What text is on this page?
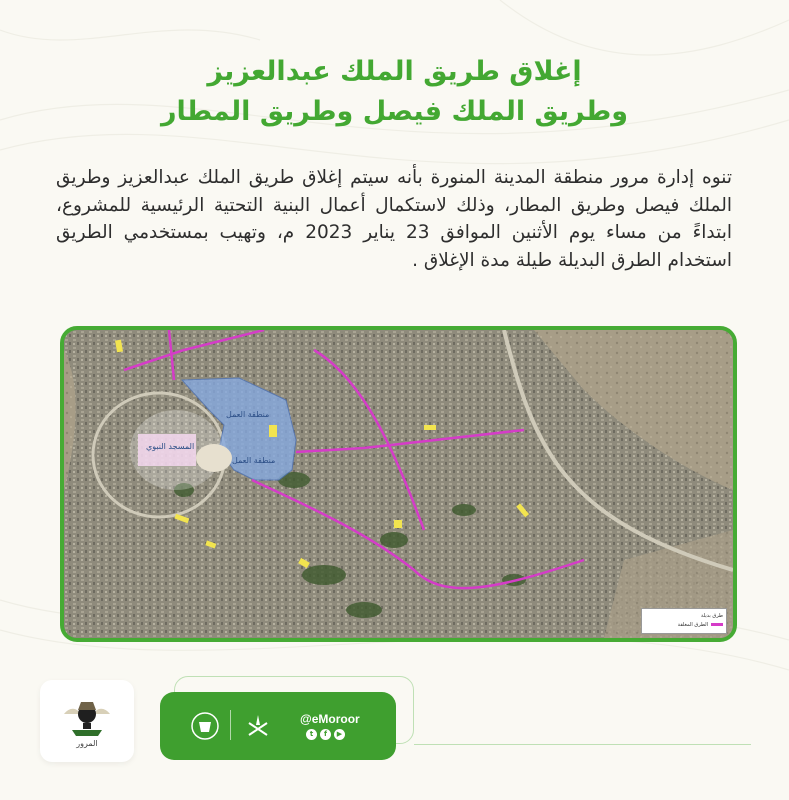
إغلاق طريق الملك عبدالعزيز
وطريق الملك فيصل وطريق المطار

تنوه إدارة مرور منطقة المدينة المنورة بأنه سيتم إغلاق طريق الملك عبدالعزيز وطريق الملك فيصل وطريق المطار، وذلك لاستكمال أعمال البنية التحتية الرئيسية للمشروع، ابتداءً من مساء يوم الأثنين الموافق 23 يناير 2023 م، وتهيب بمستخدمي الطريق استخدام الطرق البديلة طيلة مدة الإغلاق .

منطقة العمل
منطقة العمل
المسجد النبوي
طرق بديلة
الطرق المغلقة
المرور
@eMoroor
t	f	▶
